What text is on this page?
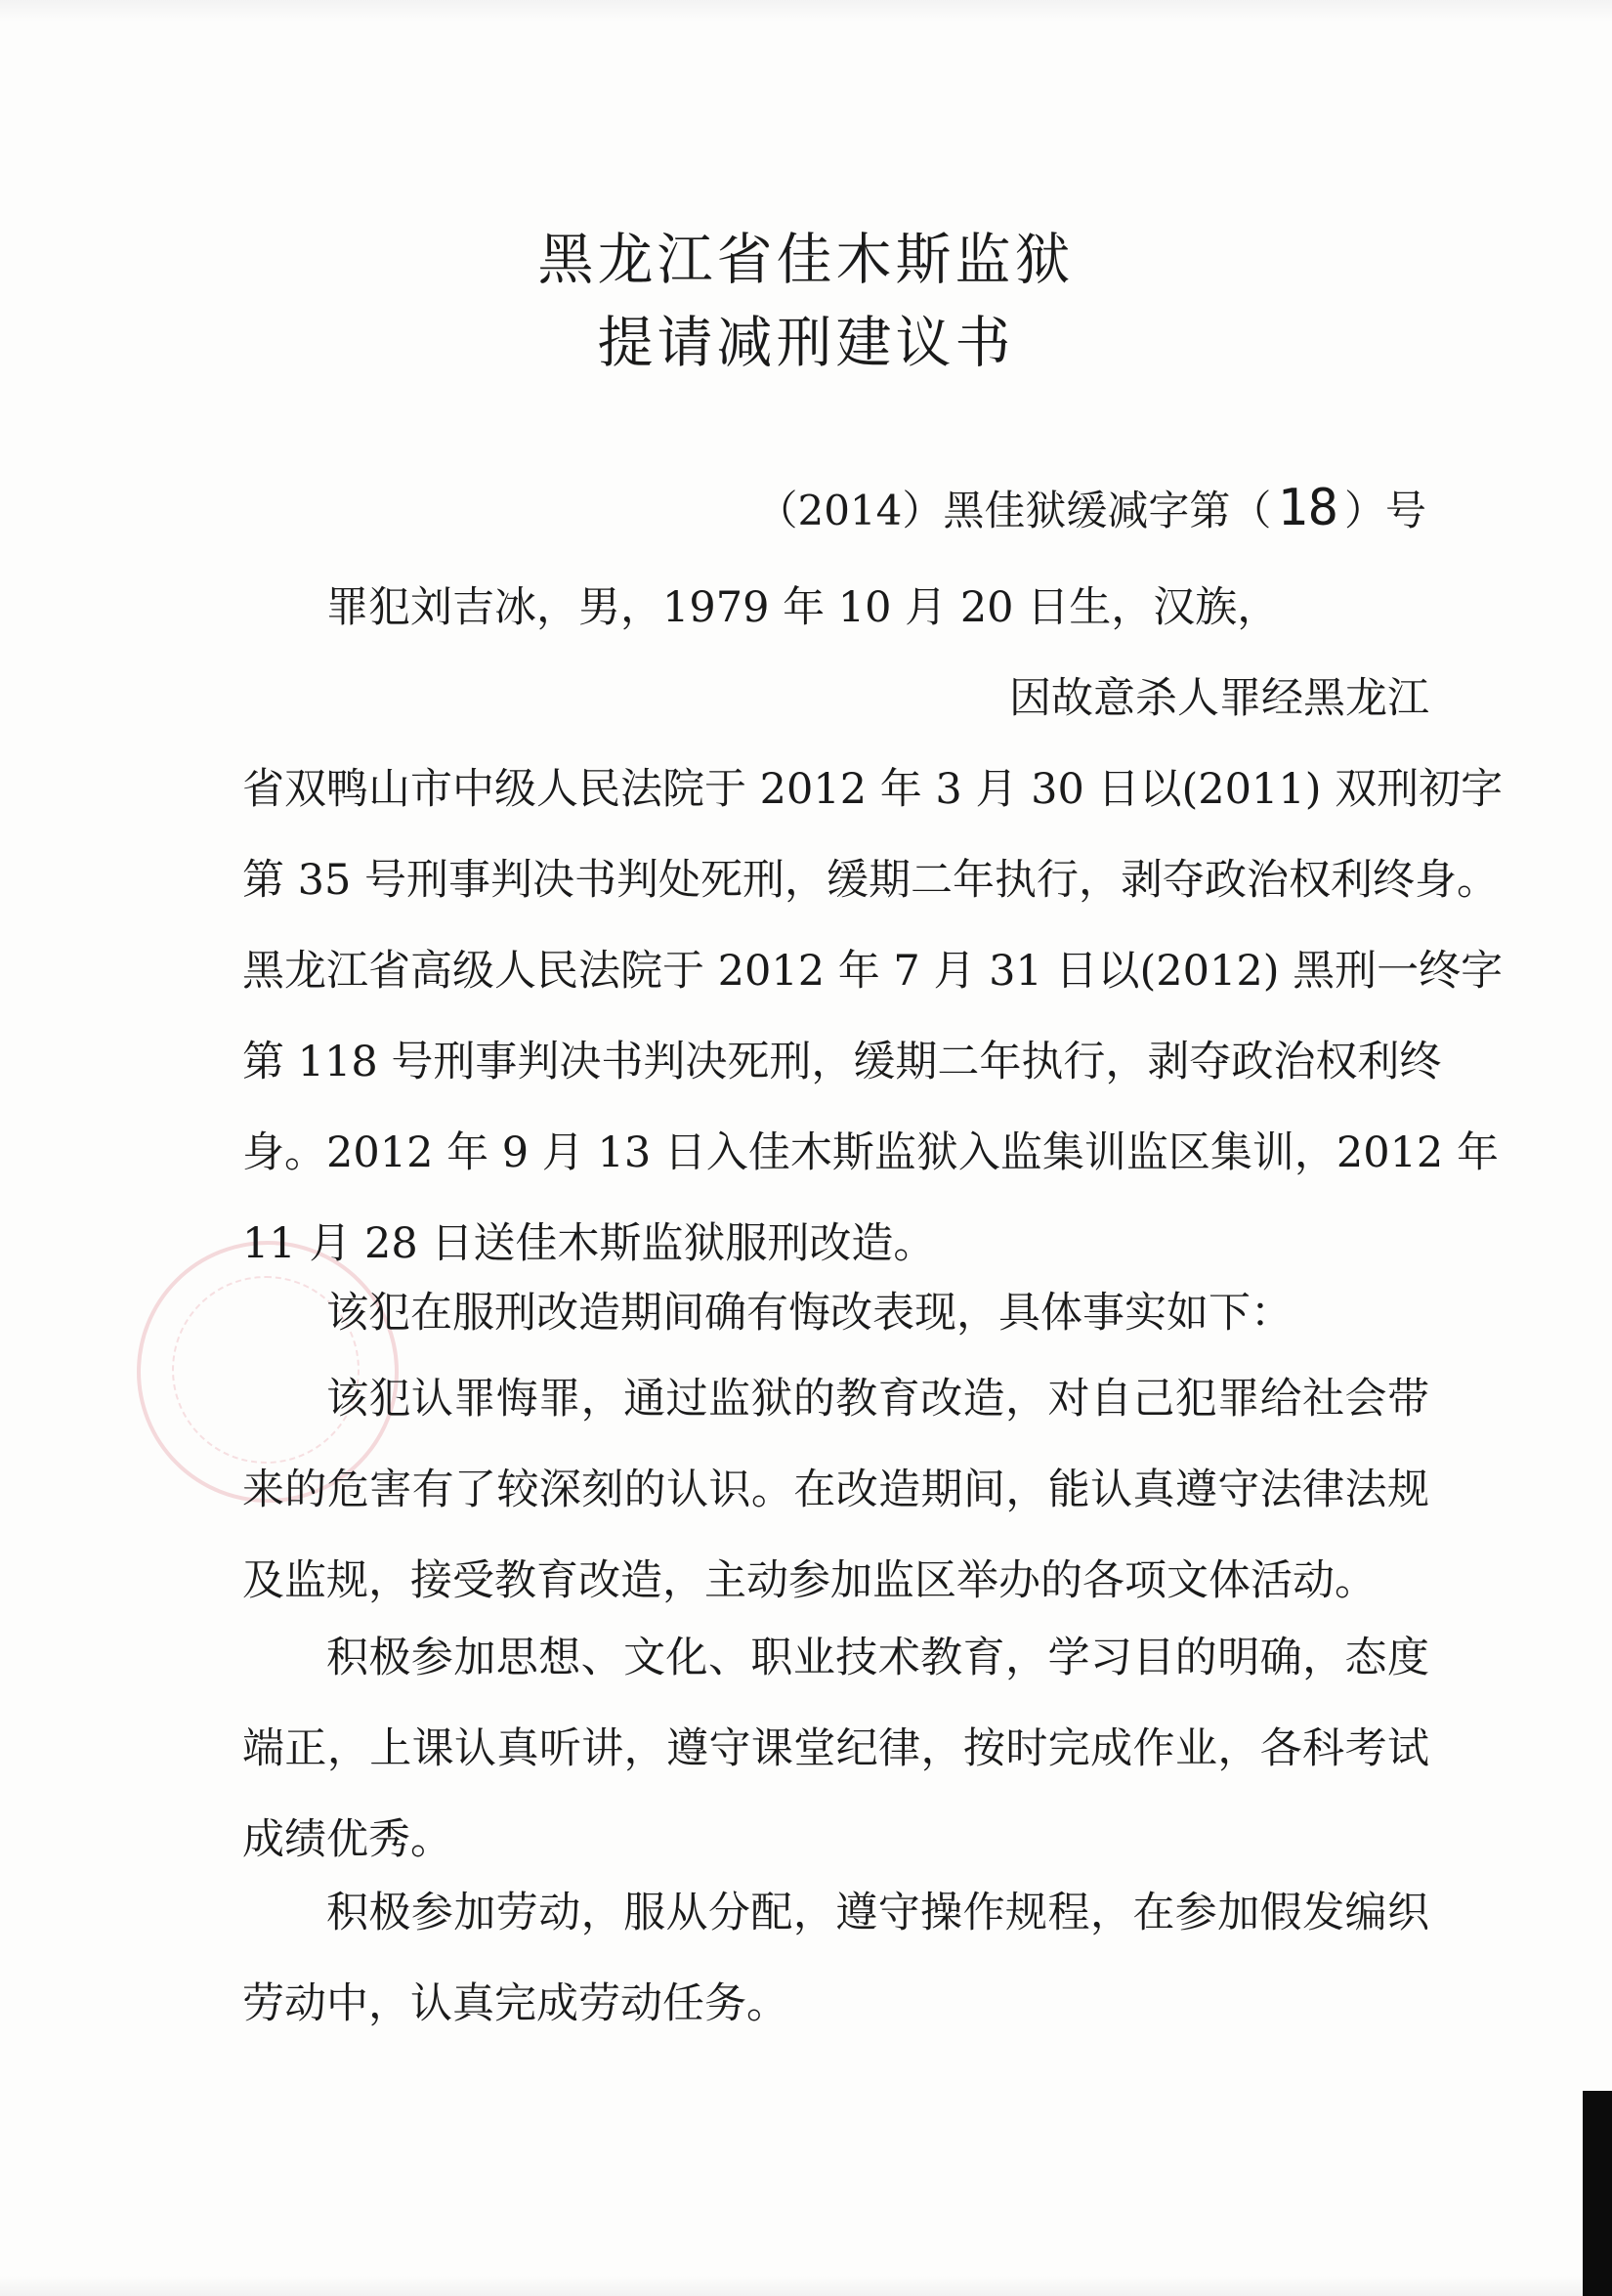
黑龙江省佳木斯监狱
提请减刑建议书
（2014）黑佳狱缓减字第（ 18 ）号
罪犯刘吉冰，男，1979 年 10 月 20 日生，汉族，
因故意杀人罪经黑龙江
省双鸭山市中级人民法院于 2012 年 3 月 30 日以(2011) 双刑初字
第 35 号刑事判决书判处死刑，缓期二年执行，剥夺政治权利终身。
黑龙江省高级人民法院于 2012 年 7 月 31 日以(2012) 黑刑一终字
第 118 号刑事判决书判决死刑，缓期二年执行，剥夺政治权利终
身。2012 年 9 月 13 日入佳木斯监狱入监集训监区集训，2012 年
11 月 28 日送佳木斯监狱服刑改造。
该犯在服刑改造期间确有悔改表现，具体事实如下：
该犯认罪悔罪，通过监狱的教育改造，对自己犯罪给社会带
来的危害有了较深刻的认识。在改造期间，能认真遵守法律法规
及监规，接受教育改造，主动参加监区举办的各项文体活动。
积极参加思想、文化、职业技术教育，学习目的明确，态度
端正，上课认真听讲，遵守课堂纪律，按时完成作业，各科考试
成绩优秀。
积极参加劳动，服从分配，遵守操作规程，在参加假发编织
劳动中，认真完成劳动任务。
